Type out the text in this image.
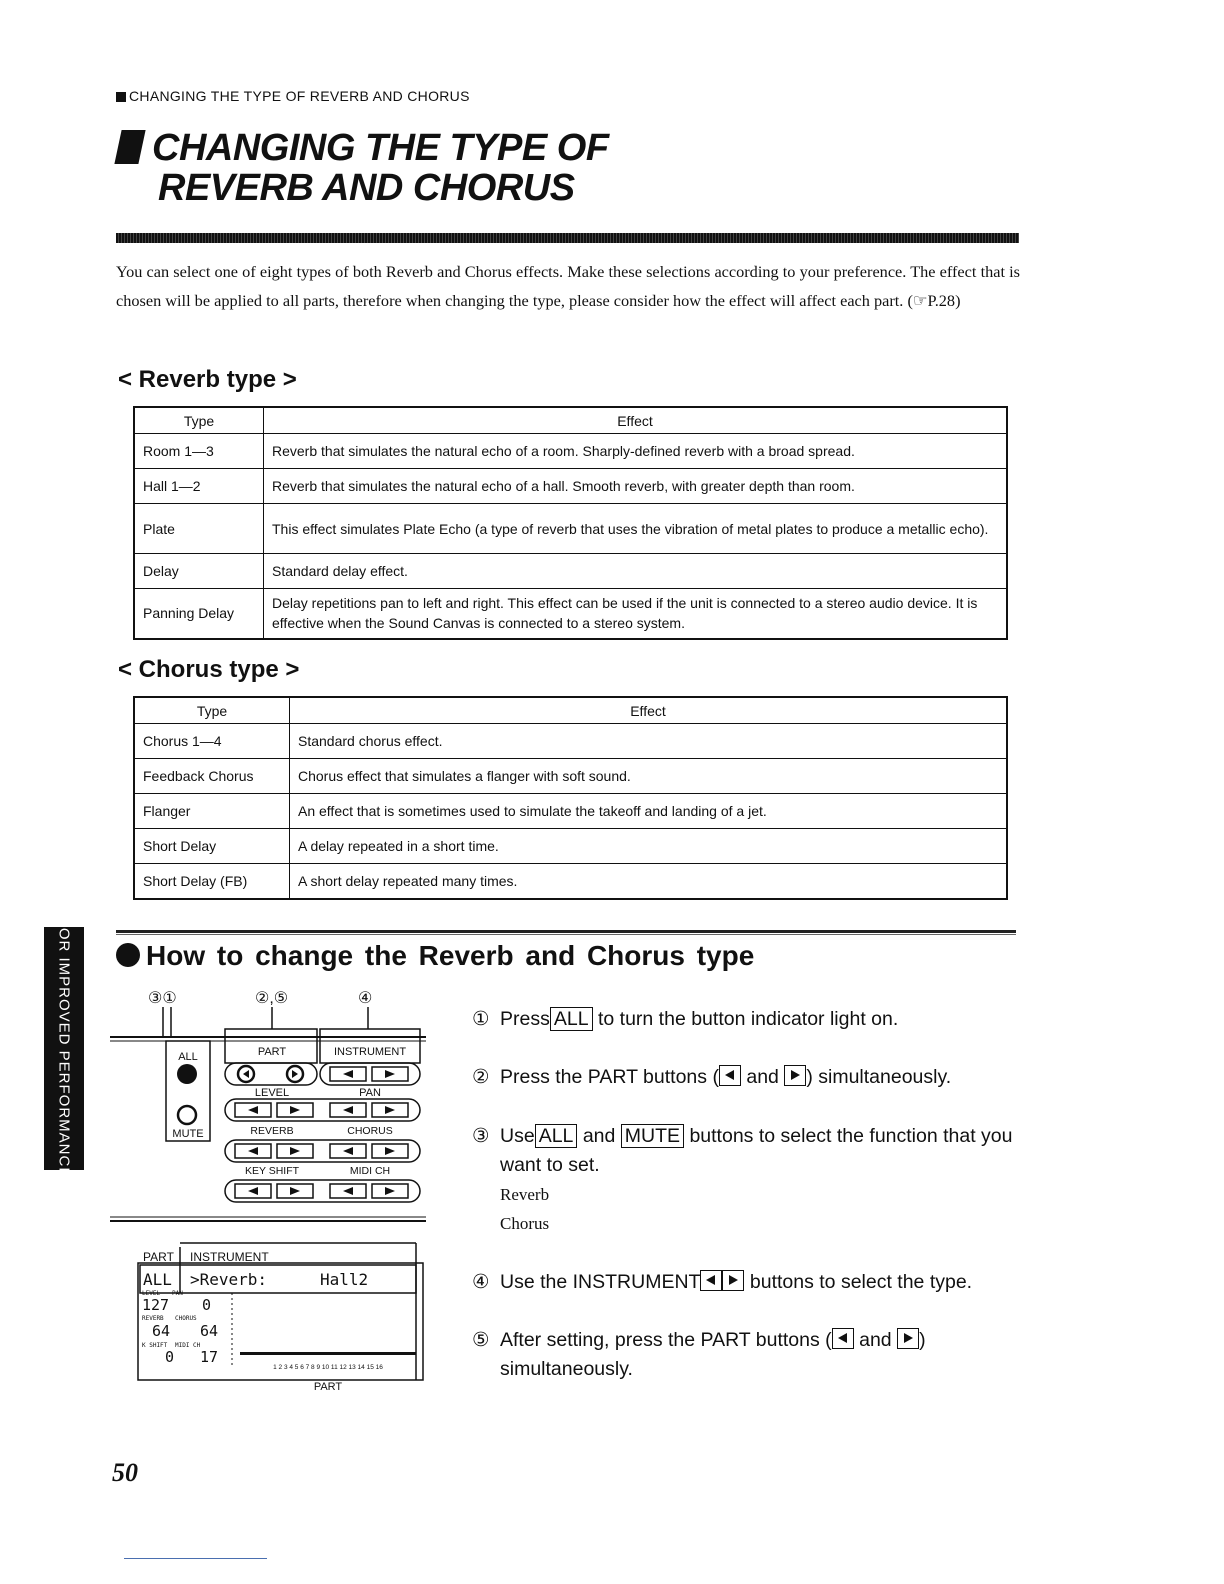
CHANGING THE TYPE OF REVERB AND CHORUS
CHANGING THE TYPE OF
REVERB AND CHORUS
You can select one of eight types of both Reverb and Chorus effects. Make these selections according to your preference. The effect that is chosen will be applied to all parts, therefore when changing the type, please consider how the effect will affect each part. (☞P.28)
< Reverb type >
Type	Effect
Room 1—3	Reverb that simulates the natural echo of a room. Sharply-defined reverb with a broad spread.
Hall 1—2	Reverb that simulates the natural echo of a hall. Smooth reverb, with greater depth than room.
Plate	This effect simulates Plate Echo (a type of reverb that uses the vibration of metal plates to produce a metallic echo).
Delay	Standard delay effect.
Panning Delay	Delay repetitions pan to left and right. This effect can be used if the unit is connected to a stereo audio device. It is effective when the Sound Canvas is connected to a stereo system.
< Chorus type >
Type	Effect
Chorus 1—4	Standard chorus effect.
Feedback Chorus	Chorus effect that simulates a flanger with soft sound.
Flanger	An effect that is sometimes used to simulate the takeoff and landing of a jet.
Short Delay	A delay repeated in a short time.
Short Delay (FB)	A short delay repeated many times.
How to change the Reverb and Chorus type
③①	②,⑤	④
ALL
MUTE
PART	INSTRUMENT
LEVEL	PAN
REVERB	CHORUS
KEY SHIFT	MIDI CH
PART INSTRUMENT
ALL >Reverb:	Hall2
LEVEL PAN
127 0
REVERB CHORUS
64 64
K SHIFT MIDI CH
0 17
1 2 3 4 5 6 7 8 9 10 11 12 13 14 15 16
PART
① Press ALL to turn the button indicator light on.
② Press the PART buttons ( and ) simultaneously.
③ Use ALL and MUTE buttons to select the function that you want to set.
Reverb
Chorus
④ Use the INSTRUMENT	buttons to select the type.
⑤ After setting, press the PART buttons ( and ) simultaneously.
FOR IMPROVED PERFORMANCE
50
